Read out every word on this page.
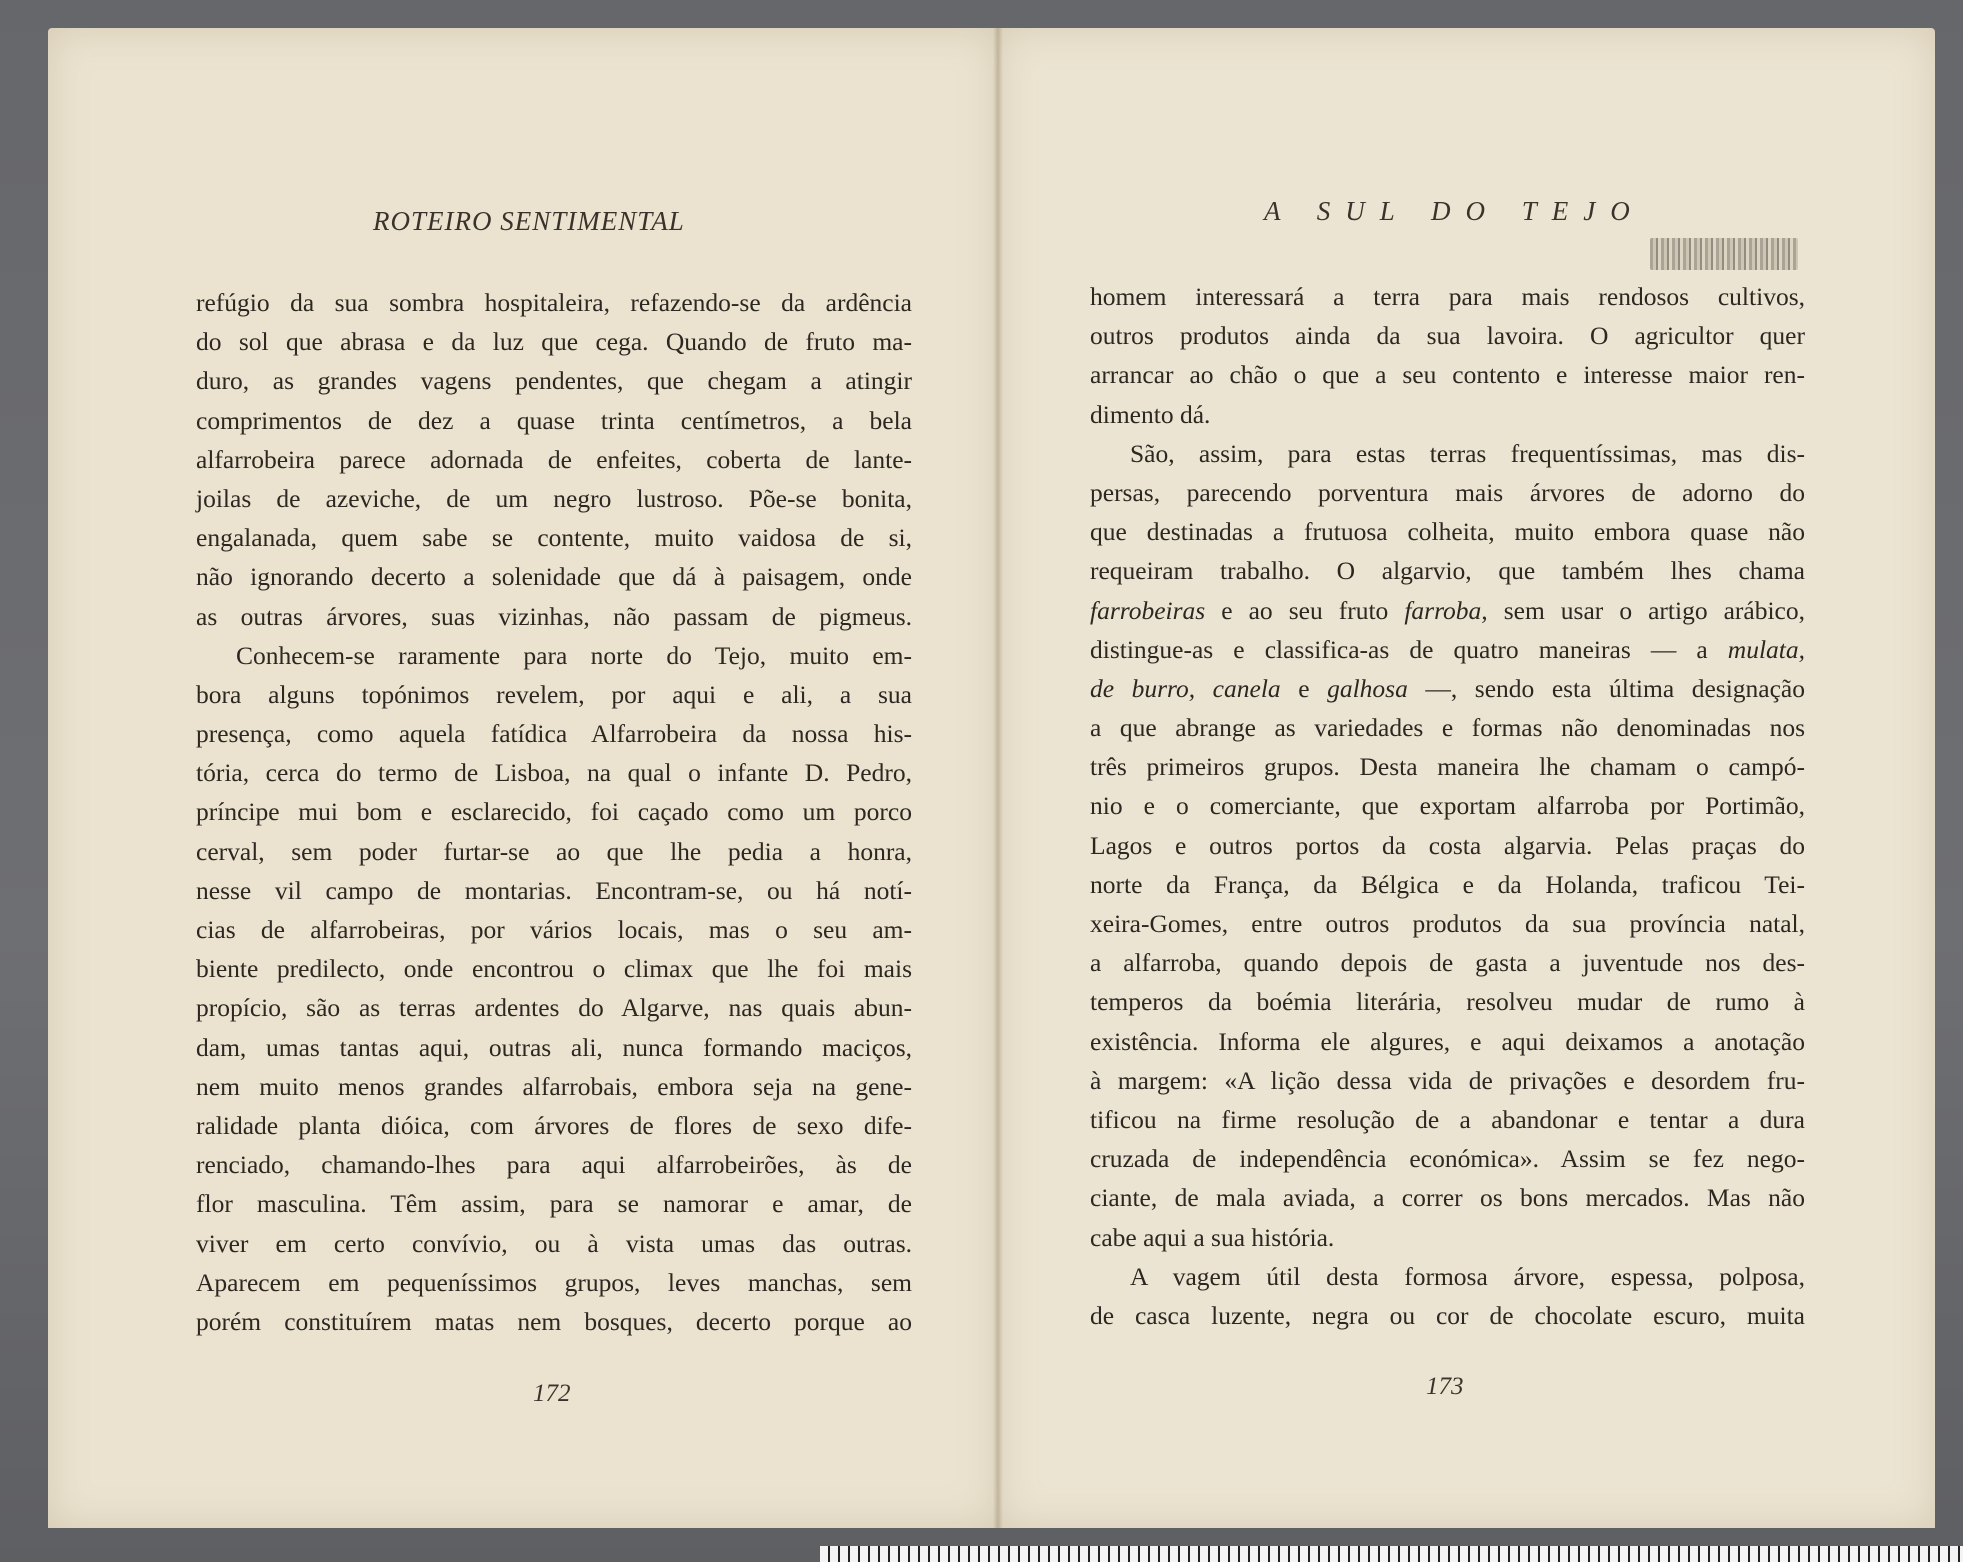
ROTEIRO SENTIMENTAL
refúgio da sua sombra hospitaleira, refazendo-se da ardência
do sol que abrasa e da luz que cega. Quando de fruto ma-
duro, as grandes vagens pendentes, que chegam a atingir
comprimentos de dez a quase trinta centímetros, a bela
alfarrobeira parece adornada de enfeites, coberta de lante-
joilas de azeviche, de um negro lustroso. Põe-se bonita,
engalanada, quem sabe se contente, muito vaidosa de si,
não ignorando decerto a solenidade que dá à paisagem, onde
as outras árvores, suas vizinhas, não passam de pigmeus.
Conhecem-se raramente para norte do Tejo, muito em-
bora alguns topónimos revelem, por aqui e ali, a sua
presença, como aquela fatídica Alfarrobeira da nossa his-
tória, cerca do termo de Lisboa, na qual o infante D. Pedro,
príncipe mui bom e esclarecido, foi caçado como um porco
cerval, sem poder furtar-se ao que lhe pedia a honra,
nesse vil campo de montarias. Encontram-se, ou há notí-
cias de alfarrobeiras, por vários locais, mas o seu am-
biente predilecto, onde encontrou o climax que lhe foi mais
propício, são as terras ardentes do Algarve, nas quais abun-
dam, umas tantas aqui, outras ali, nunca formando maciços,
nem muito menos grandes alfarrobais, embora seja na gene-
ralidade planta dióica, com árvores de flores de sexo dife-
renciado, chamando-lhes para aqui alfarrobeirões, às de
flor masculina. Têm assim, para se namorar e amar, de
viver em certo convívio, ou à vista umas das outras.
Aparecem em pequeníssimos grupos, leves manchas, sem
porém constituírem matas nem bosques, decerto porque ao
172
A SUL DO TEJO
homem interessará a terra para mais rendosos cultivos,
outros produtos ainda da sua lavoira. O agricultor quer
arrancar ao chão o que a seu contento e interesse maior ren-
dimento dá.
São, assim, para estas terras frequentíssimas, mas dis-
persas, parecendo porventura mais árvores de adorno do
que destinadas a frutuosa colheita, muito embora quase não
requeiram trabalho. O algarvio, que também lhes chama
farrobeiras e ao seu fruto farroba, sem usar o artigo arábico,
distingue-as e classifica-as de quatro maneiras — a mulata,
de burro, canela e galhosa —, sendo esta última designação
a que abrange as variedades e formas não denominadas nos
três primeiros grupos. Desta maneira lhe chamam o campó-
nio e o comerciante, que exportam alfarroba por Portimão,
Lagos e outros portos da costa algarvia. Pelas praças do
norte da França, da Bélgica e da Holanda, traficou Tei-
xeira-Gomes, entre outros produtos da sua província natal,
a alfarroba, quando depois de gasta a juventude nos des-
temperos da boémia literária, resolveu mudar de rumo à
existência. Informa ele algures, e aqui deixamos a anotação
à margem: «A lição dessa vida de privações e desordem fru-
tificou na firme resolução de a abandonar e tentar a dura
cruzada de independência económica». Assim se fez nego-
ciante, de mala aviada, a correr os bons mercados. Mas não
cabe aqui a sua história.
A vagem útil desta formosa árvore, espessa, polposa,
de casca luzente, negra ou cor de chocolate escuro, muita
173
